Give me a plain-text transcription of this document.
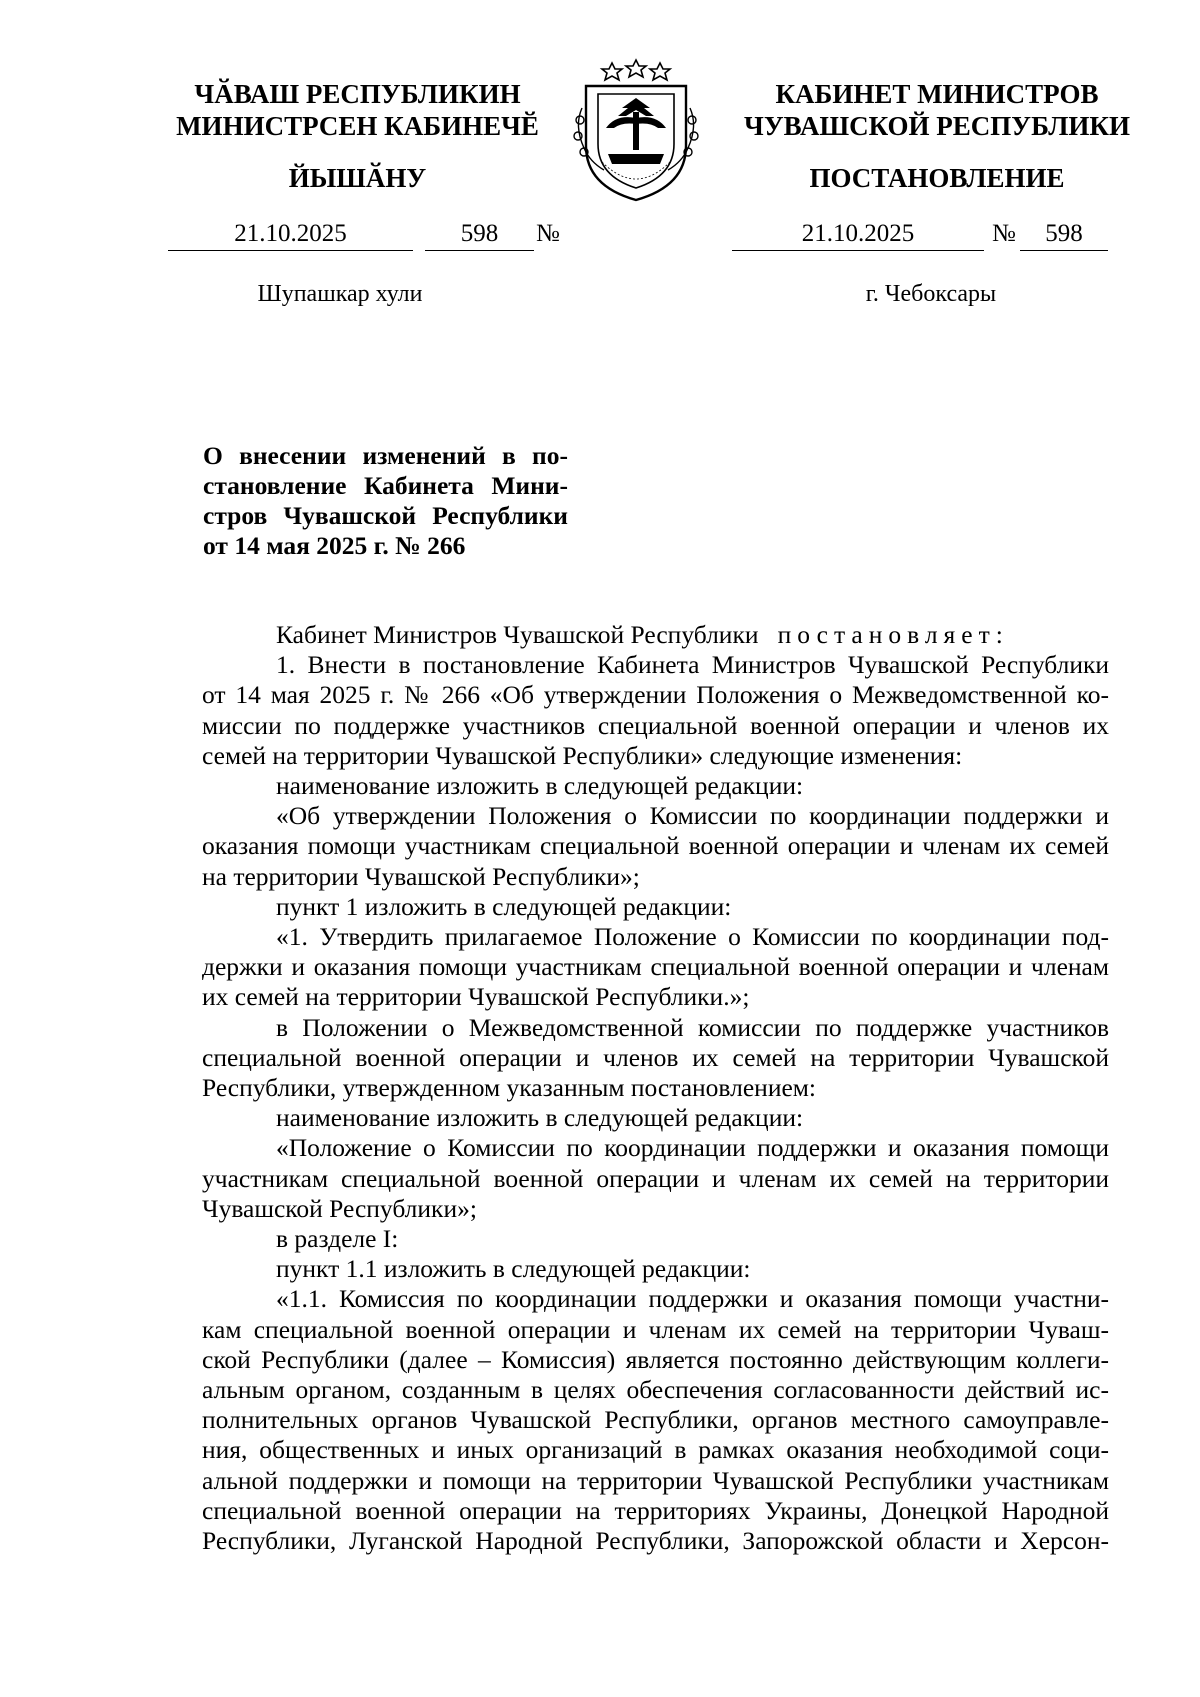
ЧӐВАШ РЕСПУБЛИКИН
МИНИСТРСЕН КАБИНЕЧӖ
ЙЫШӐНУ
КАБИНЕТ МИНИСТРОВ
ЧУВАШСКОЙ РЕСПУБЛИКИ
ПОСТАНОВЛЕНИЕ
21.10.2025	598	№	21.10.2025	№	598
Шупашкар хули	г. Чебоксары
О внесении изменений в по-
становление Кабинета Мини-
стров Чувашской Республики
от 14 мая 2025 г. № 266
Кабинет Министров Чувашской Республики постановляет:
1. Внести в постановление Кабинета Министров Чувашской Республики
от 14 мая 2025 г. № 266 «Об утверждении Положения о Межведомственной ко-
миссии по поддержке участников специальной военной операции и членов их
семей на территории Чувашской Республики» следующие изменения:
наименование изложить в следующей редакции:
«Об утверждении Положения о Комиссии по координации поддержки и
оказания помощи участникам специальной военной операции и членам их семей
на территории Чувашской Республики»;
пункт 1 изложить в следующей редакции:
«1. Утвердить прилагаемое Положение о Комиссии по координации под-
держки и оказания помощи участникам специальной военной операции и членам
их семей на территории Чувашской Республики.»;
в Положении о Межведомственной комиссии по поддержке участников
специальной военной операции и членов их семей на территории Чувашской
Республики, утвержденном указанным постановлением:
наименование изложить в следующей редакции:
«Положение о Комиссии по координации поддержки и оказания помощи
участникам специальной военной операции и членам их семей на территории
Чувашской Республики»;
в разделе I:
пункт 1.1 изложить в следующей редакции:
«1.1. Комиссия по координации поддержки и оказания помощи участни-
кам специальной военной операции и членам их семей на территории Чуваш-
ской Республики (далее – Комиссия) является постоянно действующим коллеги-
альным органом, созданным в целях обеспечения согласованности действий ис-
полнительных органов Чувашской Республики, органов местного самоуправле-
ния, общественных и иных организаций в рамках оказания необходимой соци-
альной поддержки и помощи на территории Чувашской Республики участникам
специальной военной операции на территориях Украины, Донецкой Народной
Республики, Луганской Народной Республики, Запорожской области и Херсон-
